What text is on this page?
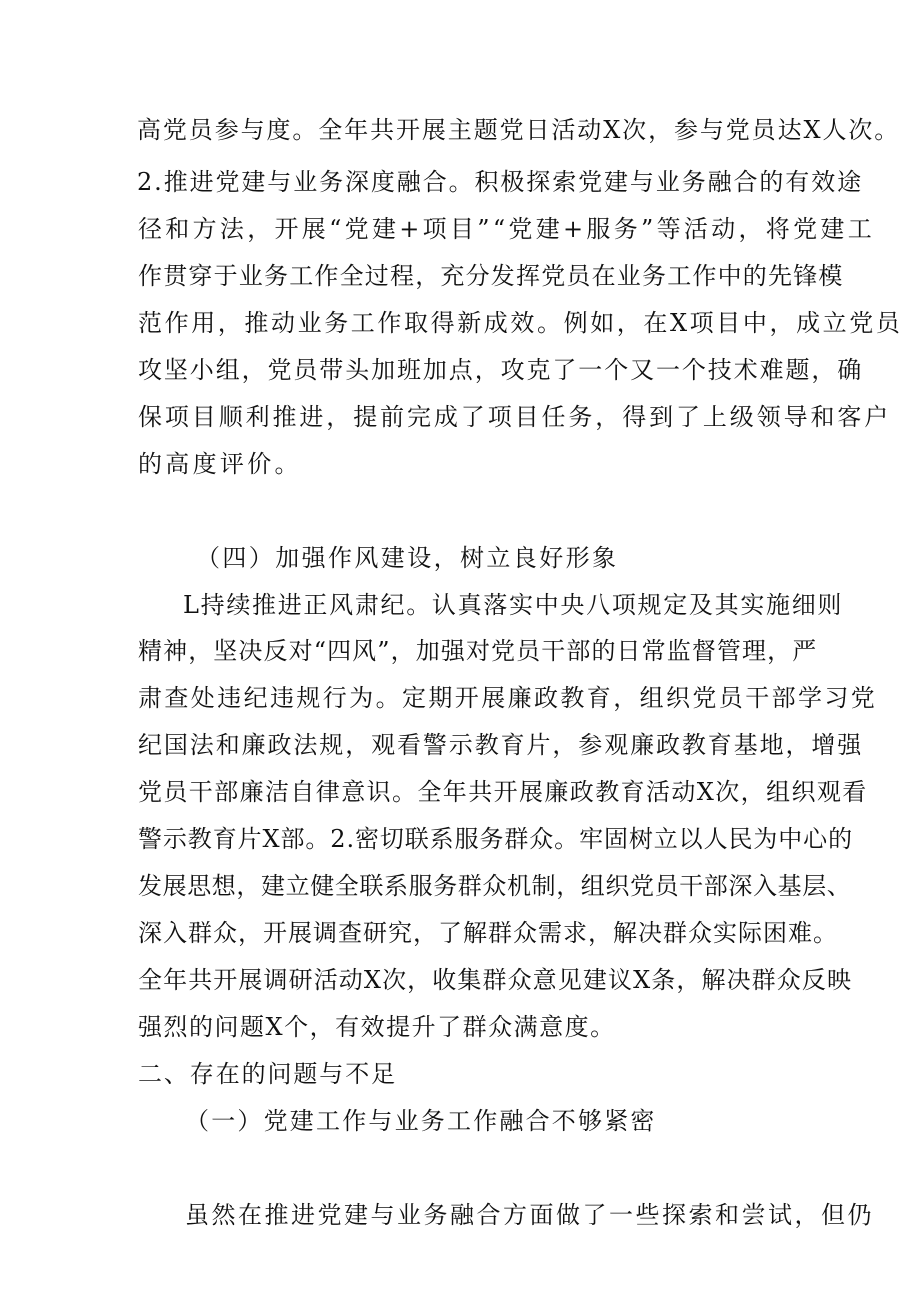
高党员参与度。全年共开展主题党日活动X次，参与党员达X人次。
2.推进党建与业务深度融合。积极探索党建与业务融合的有效途
径和方法，开展“党建+项目”“党建+服务”等活动，将党建工
作贯穿于业务工作全过程，充分发挥党员在业务工作中的先锋模
范作用，推动业务工作取得新成效。例如，在X项目中，成立党员
攻坚小组，党员带头加班加点，攻克了一个又一个技术难题，确
保项目顺利推进，提前完成了项目任务，得到了上级领导和客户
的高度评价。
（四）加强作风建设，树立良好形象
L持续推进正风肃纪。认真落实中央八项规定及其实施细则
精神，坚决反对“四风”，加强对党员干部的日常监督管理，严
肃查处违纪违规行为。定期开展廉政教育，组织党员干部学习党
纪国法和廉政法规，观看警示教育片，参观廉政教育基地，增强
党员干部廉洁自律意识。全年共开展廉政教育活动X次，组织观看
警示教育片X部。2.密切联系服务群众。牢固树立以人民为中心的
发展思想，建立健全联系服务群众机制，组织党员干部深入基层、
深入群众，开展调查研究，了解群众需求，解决群众实际困难。
全年共开展调研活动X次，收集群众意见建议X条，解决群众反映
强烈的问题X个，有效提升了群众满意度。
二、存在的问题与不足
（一）党建工作与业务工作融合不够紧密
虽然在推进党建与业务融合方面做了一些探索和尝试，但仍
